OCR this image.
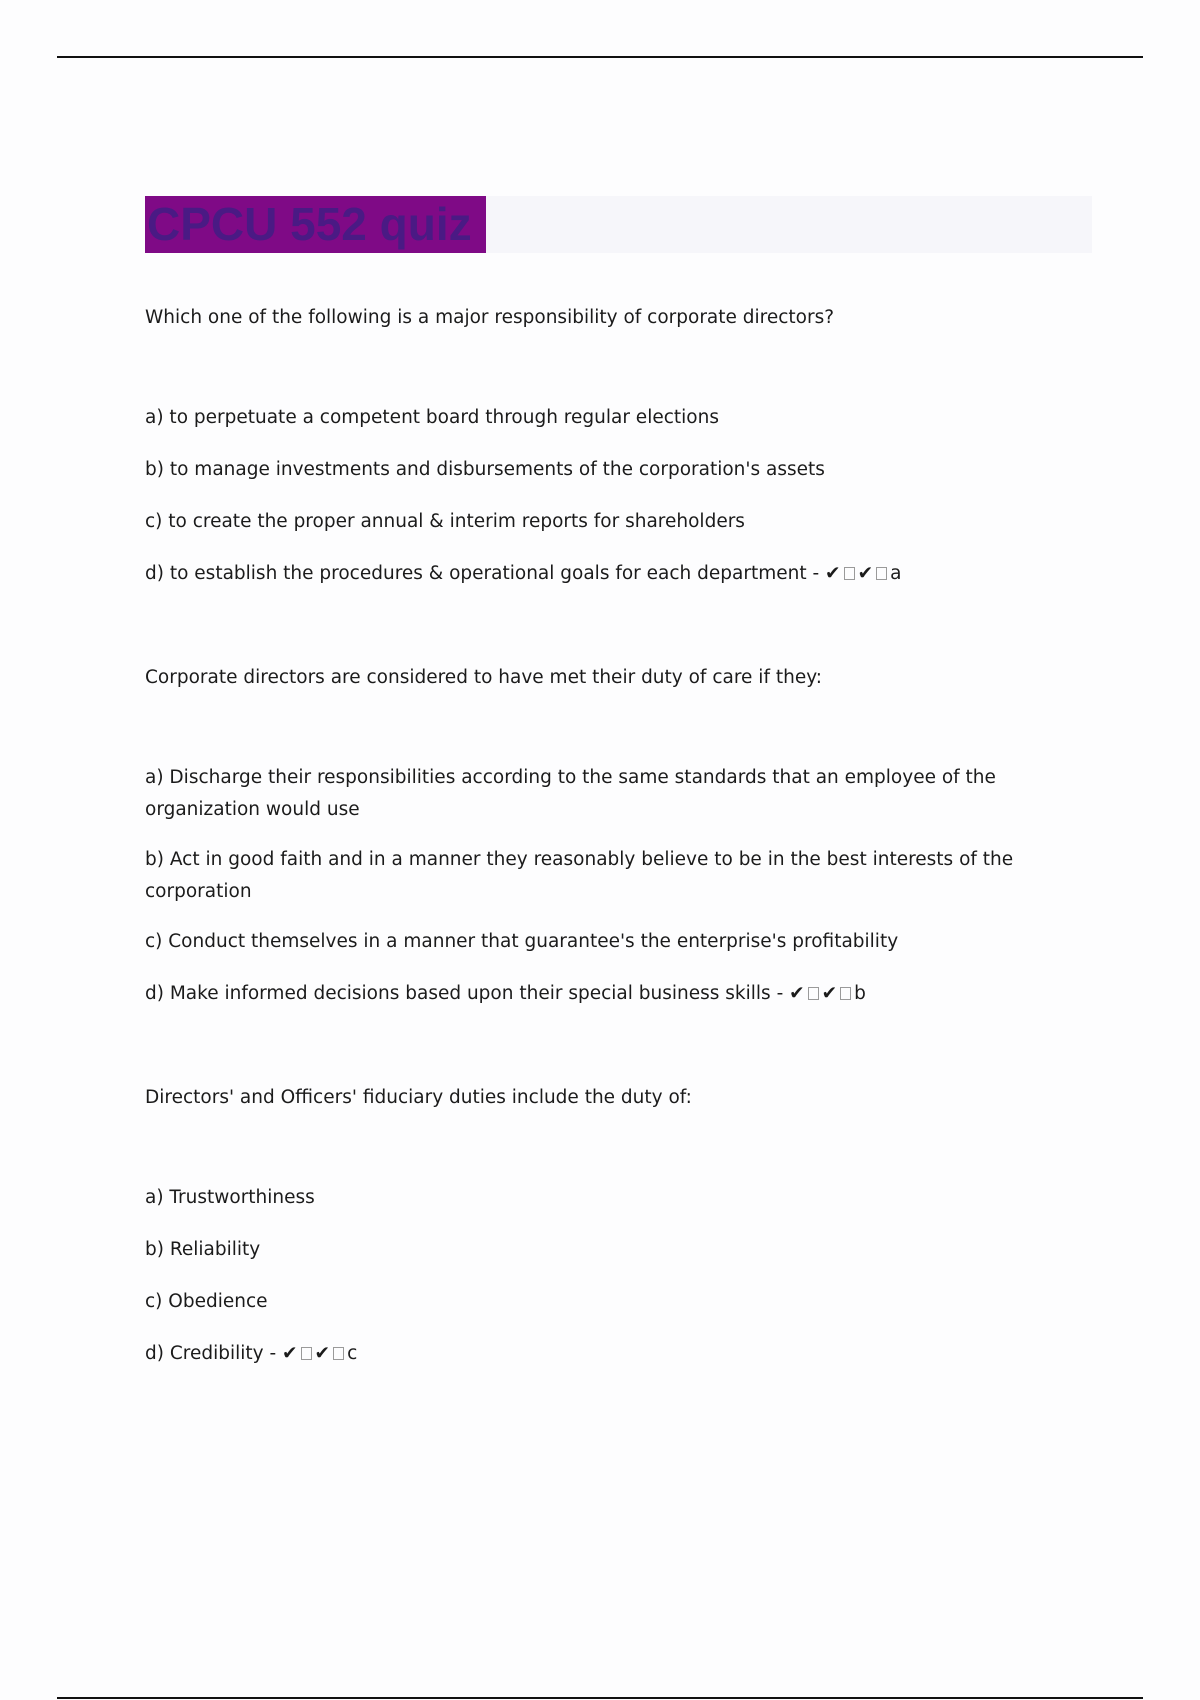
CPCU 552 quiz

Which one of the following is a major responsibility of corporate directors?

a) to perpetuate a competent board through regular elections

b) to manage investments and disbursements of the corporation's assets

c) to create the proper annual & interim reports for shareholders

d) to establish the procedures & operational goals for each department - ✔ ✔ a

Corporate directors are considered to have met their duty of care if they:

a) Discharge their responsibilities according to the same standards that an employee of the organization would use

b) Act in good faith and in a manner they reasonably believe to be in the best interests of the corporation

c) Conduct themselves in a manner that guarantee's the enterprise's profitability

d) Make informed decisions based upon their special business skills - ✔ ✔ b

Directors' and Officers' fiduciary duties include the duty of:

a) Trustworthiness

b) Reliability

c) Obedience

d) Credibility - ✔ ✔ c
